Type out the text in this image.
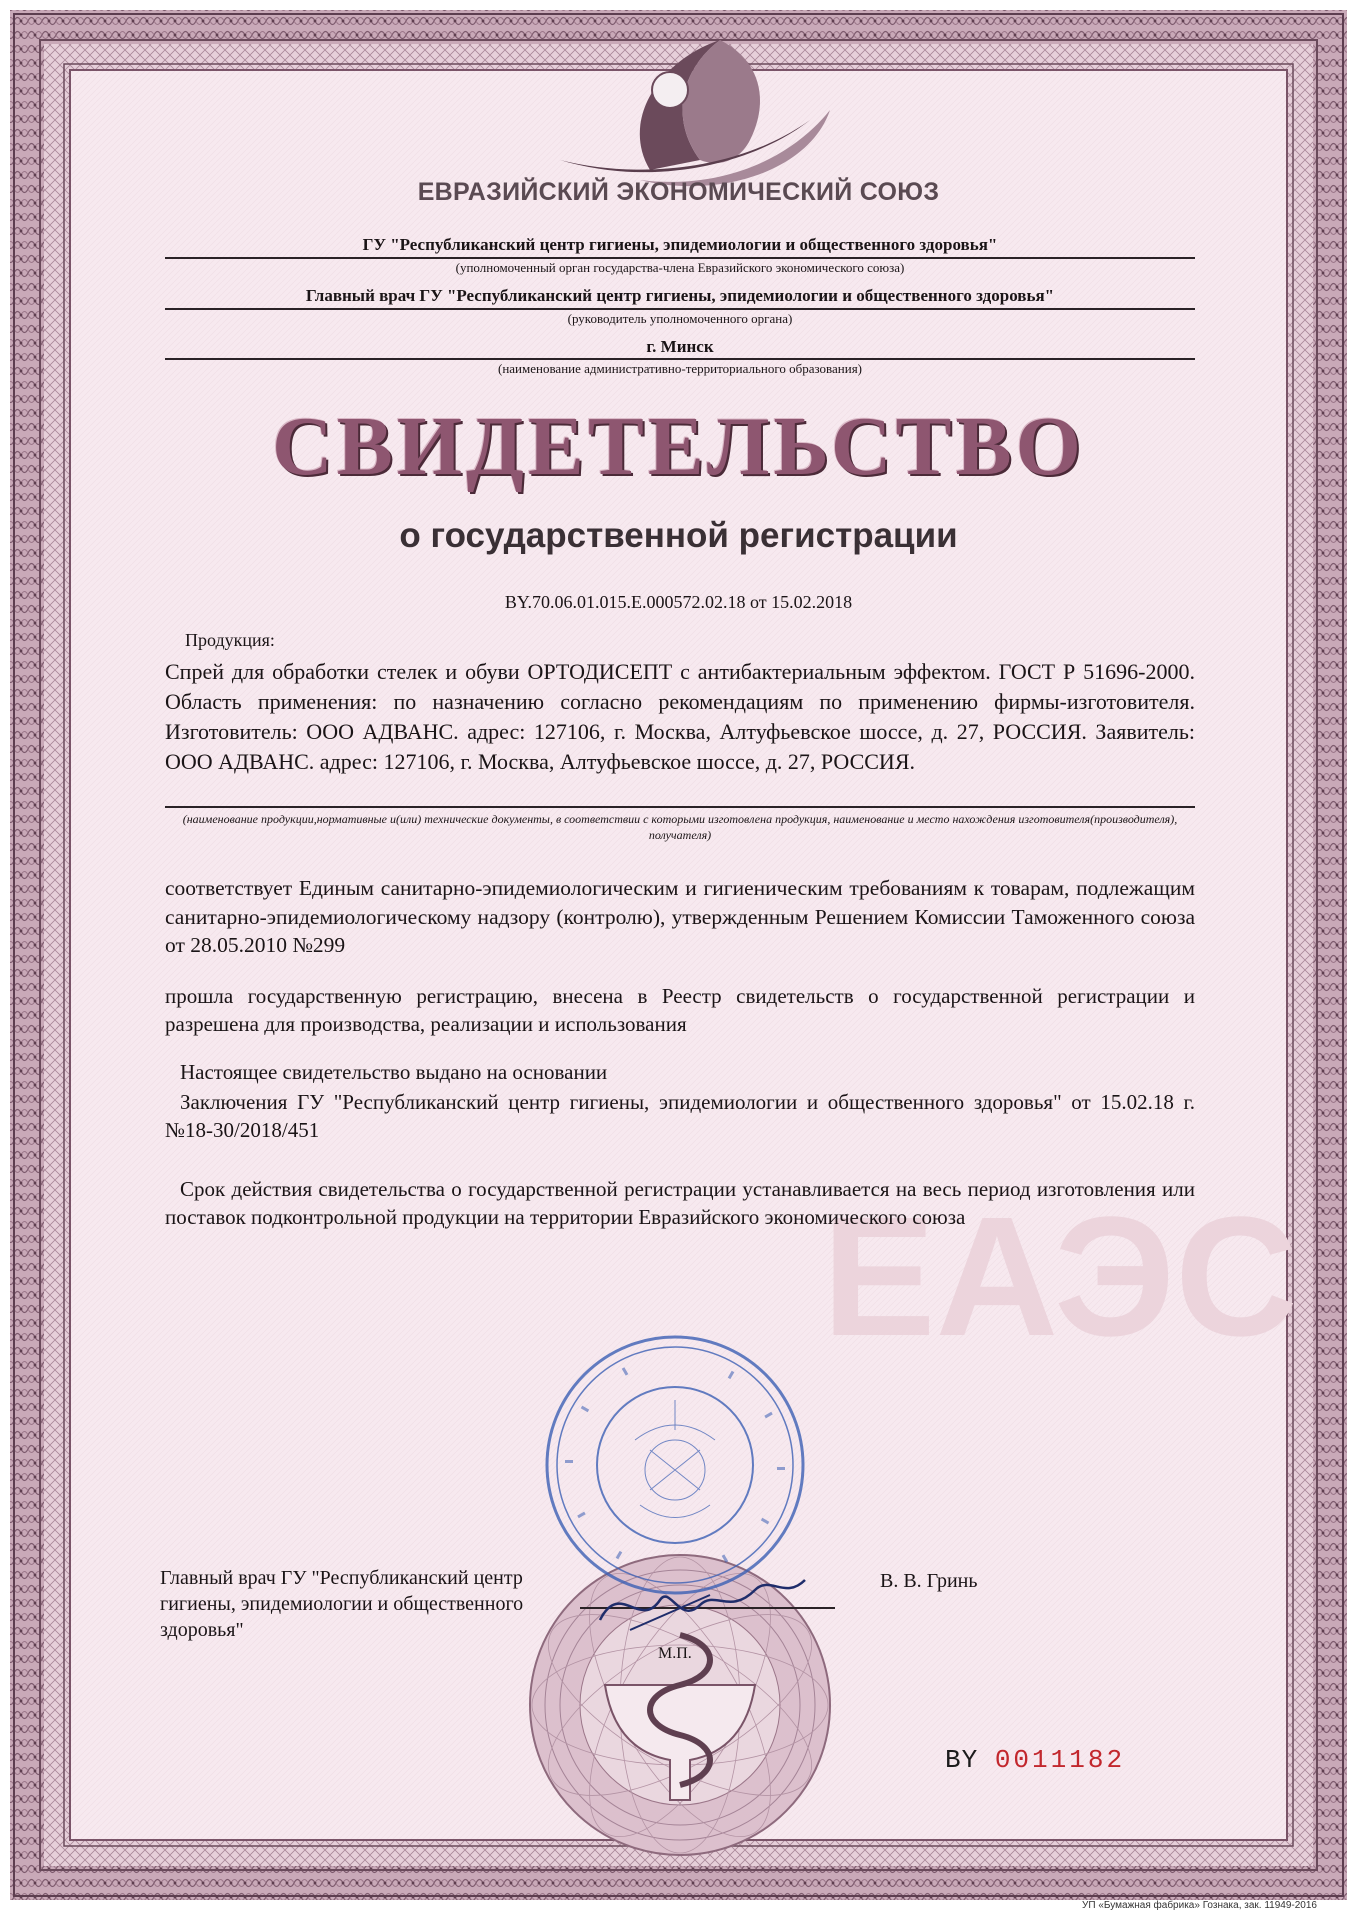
ЕАЭС
ЕВРАЗИЙСКИЙ ЭКОНОМИЧЕСКИЙ СОЮЗ
ГУ "Республиканский центр гигиены, эпидемиологии и общественного здоровья"
(уполномоченный орган государства-члена Евразийского экономического союза)
Главный врач ГУ "Республиканский центр гигиены, эпидемиологии и общественного здоровья"
(руководитель уполномоченного органа)
г. Минск
(наименование административно-территориального образования)
СВИДЕТЕЛЬСТВО
о государственной регистрации
BY.70.06.01.015.E.000572.02.18 от 15.02.2018
Продукция:
Спрей для обработки стелек и обуви ОРТОДИСЕПТ с антибактериальным эффектом. ГОСТ Р 51696-2000. Область применения: по назначению согласно рекомендациям по применению фирмы-изготовителя. Изготовитель: ООО АДВАНС. адрес: 127106, г. Москва, Алтуфьевское шоссе, д. 27, РОССИЯ. Заявитель: ООО АДВАНС. адрес: 127106, г. Москва, Алтуфьевское шоссе, д. 27, РОССИЯ.
(наименование продукции,нормативные и(или) технические документы, в соответствии с которыми изготовлена продукция, наименование и место нахождения изготовителя(производителя), получателя)
соответствует Единым санитарно-эпидемиологическим и гигиеническим требованиям к товарам, подлежащим санитарно-эпидемиологическому надзору (контролю), утвержденным Решением Комиссии Таможенного союза от 28.05.2010 №299
прошла государственную регистрацию, внесена в Реестр свидетельств о государственной регистрации и разрешена для производства, реализации и использования
Настоящее свидетельство выдано на основании
Заключения ГУ "Республиканский центр гигиены, эпидемиологии и общественного здоровья" от 15.02.18 г. №18-30/2018/451
Срок действия свидетельства о государственной регистрации устанавливается на весь период изготовления или поставок подконтрольной продукции на территории Евразийского экономического союза
Главный врач ГУ "Республиканский центр гигиены, эпидемиологии и общественного здоровья"
В. В. Гринь
М.П.
BY 0011182
УП «Бумажная фабрика» Гознака, зак. 11949-2016
